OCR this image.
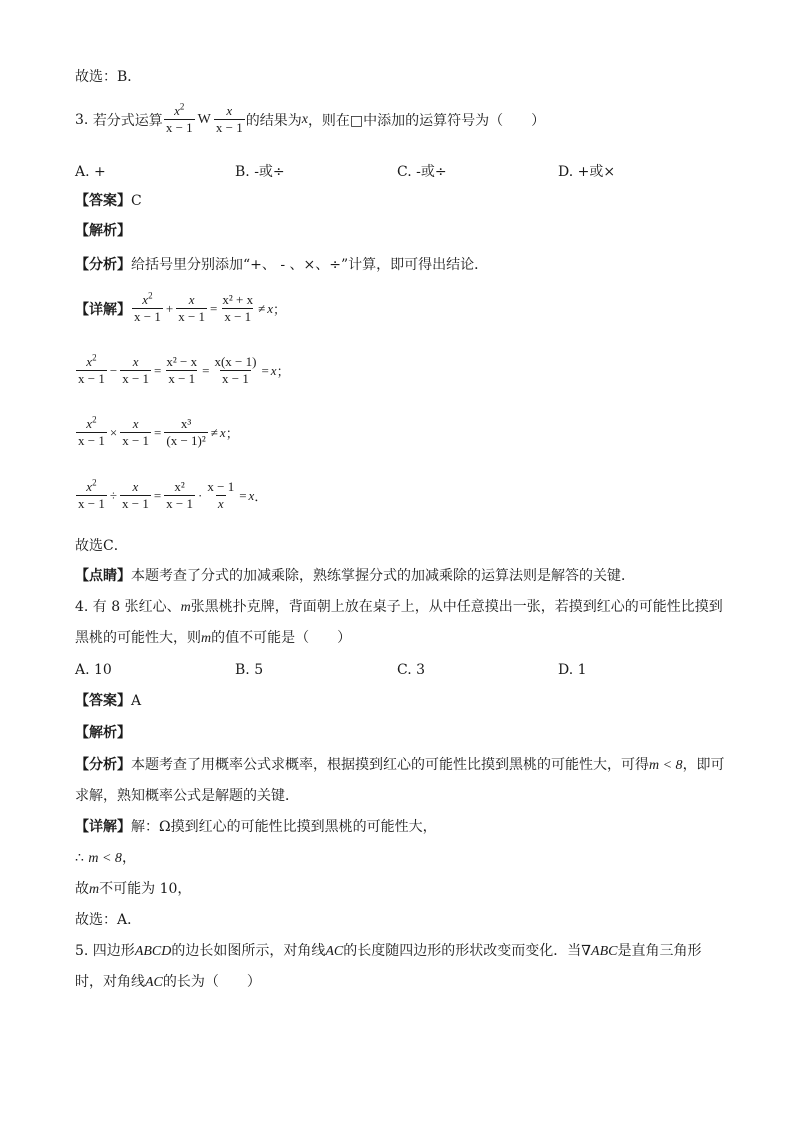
故选：B．
3.
若分式运算 $\frac{x^2}{x - 1}$ W $\frac{x}{x - 1}$ 的结果为 x ，则在□中添加的运算符号为（　　）
A. +	B. -或÷	C. -或÷	D. +或×
【答案】C
【解析】
【分析】给括号里分别添加“+、 - 、×、÷”计算，即可得出结论．
【详解】 $\frac{x^2}{x - 1} + \frac{x}{x - 1} = \frac{\text{x² + x}}{x - 1} \ne x$ ；
$\frac{x^2}{x - 1} - \frac{x}{x - 1} = \frac{\text{x² − x}}{x - 1} = \frac{x(x - 1)}{x - 1} = x$ ；
$\frac{x^2}{x - 1} \times \frac{x}{x - 1} = \frac{\text{x³}}{\text{(x − 1)²}} \ne x$ ；
$\frac{x^2}{x - 1} \div \frac{x}{x - 1} = \frac{\text{x²}}{x - 1} \cdot \frac{x - 1}{x} = x$ ．
故选C．
【点睛】本题考查了分式的加减乘除，熟练掌握分式的加减乘除的运算法则是解答的关键．
4. 有 8 张红心、m张黑桃扑克牌，背面朝上放在桌子上，从中任意摸出一张，若摸到红心的可能性比摸到
黑桃的可能性大，则m的值不可能是（　　）
A. 10	B. 5	C. 3	D. 1
【答案】A
【解析】
【分析】本题考查了用概率公式求概率，根据摸到红心的可能性比摸到黑桃的可能性大，可得m < 8，即可
求解，熟知概率公式是解题的关键．
【详解】解：Ω摸到红心的可能性比摸到黑桃的可能性大，
∴ m < 8，
故m不可能为 10，
故选：A．
5. 四边形ABCD的边长如图所示，对角线AC的长度随四边形的形状改变而变化．当∇ABC是直角三角形
时，对角线AC的长为（　　）
